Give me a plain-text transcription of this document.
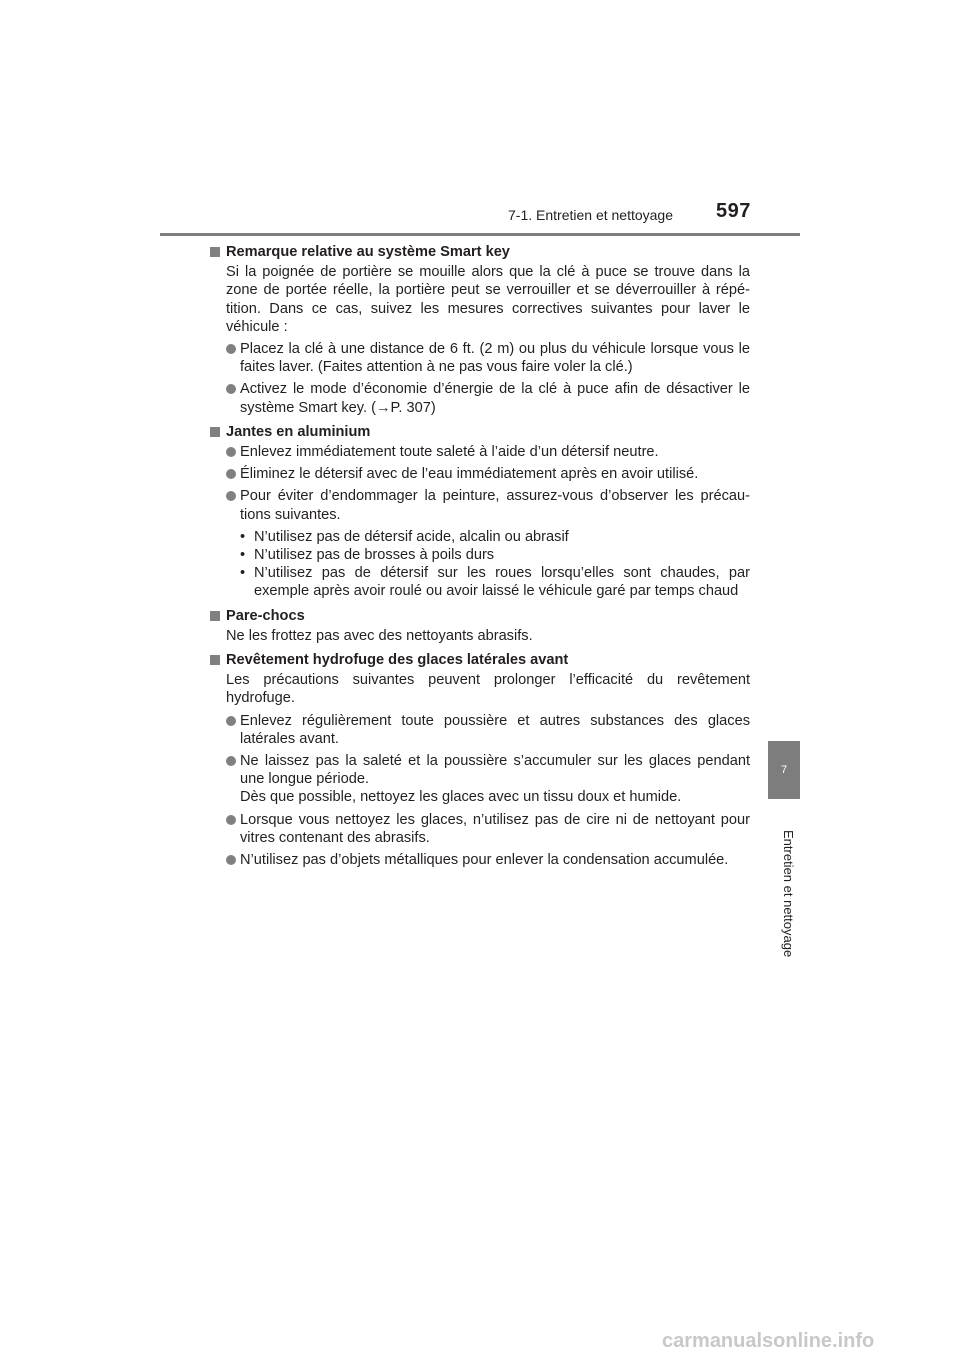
7-1. Entretien et nettoyage 597
7
Entretien et nettoyage
Remarque relative au système Smart key
Si la poignée de portière se mouille alors que la clé à puce se trouve dans la zone de portée réelle, la portière peut se verrouiller et se déverrouiller à répé-tition. Dans ce cas, suivez les mesures correctives suivantes pour laver le véhicule :
Placez la clé à une distance de 6 ft. (2 m) ou plus du véhicule lorsque vous le faites laver. (Faites attention à ne pas vous faire voler la clé.)
Activez le mode d’économie d’énergie de la clé à puce afin de désactiver le système Smart key. (→P. 307)
Jantes en aluminium
Enlevez immédiatement toute saleté à l’aide d’un détersif neutre.
Éliminez le détersif avec de l’eau immédiatement après en avoir utilisé.
Pour éviter d’endommager la peinture, assurez-vous d’observer les précau-tions suivantes.
• N’utilisez pas de détersif acide, alcalin ou abrasif
• N’utilisez pas de brosses à poils durs
• N’utilisez pas de détersif sur les roues lorsqu’elles sont chaudes, par exemple après avoir roulé ou avoir laissé le véhicule garé par temps chaud
Pare-chocs
Ne les frottez pas avec des nettoyants abrasifs.
Revêtement hydrofuge des glaces latérales avant
Les précautions suivantes peuvent prolonger l’efficacité du revêtement hydrofuge.
Enlevez régulièrement toute poussière et autres substances des glaces latérales avant.
Ne laissez pas la saleté et la poussière s’accumuler sur les glaces pendant une longue période.
Dès que possible, nettoyez les glaces avec un tissu doux et humide.
Lorsque vous nettoyez les glaces, n’utilisez pas de cire ni de nettoyant pour vitres contenant des abrasifs.
N’utilisez pas d’objets métalliques pour enlever la condensation accumulée.
carmanualsonline.info
